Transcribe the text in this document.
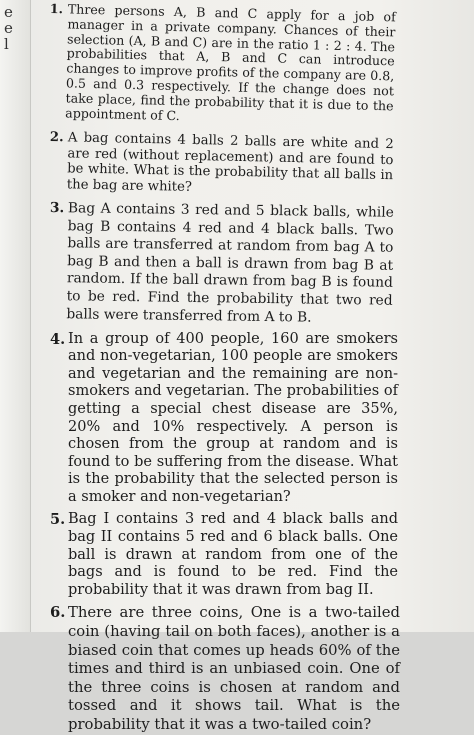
e
e
l
1. Three persons A, B and C apply for a job of manager in a private company. Chances of their selection (A, B and C) are in the ratio 1 : 2 : 4. The probabilities that A, B and C can introduce changes to improve profits of the company are 0.8, 0.5 and 0.3 respectively. If the change does not take place, find the probability that it is due to the appointment of C.

2. A bag contains 4 balls 2 balls are white and 2 are red (without replacement) and are found to be white. What is the probability that all balls in the bag are white?

3. Bag A contains 3 red and 5 black balls, while bag B contains 4 red and 4 black balls. Two balls are transferred at random from bag A to bag B and then a ball is drawn from bag B at random. If the ball drawn from bag B is found to be red. Find the probability that two red balls were transferred from A to B.

4. In a group of 400 people, 160 are smokers and non-vegetarian, 100 people are smokers and vegetarian and the remaining are non-smokers and vegetarian. The probabilities of getting a special chest disease are 35%, 20% and 10% respectively. A person is chosen from the group at random and is found to be suffering from the disease. What is the probability that the selected person is a smoker and non-vegetarian?

5. Bag I contains 3 red and 4 black balls and bag II contains 5 red and 6 black balls. One ball is drawn at random from one of the bags and is found to be red. Find the probability that it was drawn from bag II.

6. There are three coins, One is a two-tailed coin (having tail on both faces), another is a biased coin that comes up heads 60% of the times and third is an unbiased coin. One of the three coins is chosen at random and tossed and it shows tail. What is the probability that it was a two-tailed coin?
